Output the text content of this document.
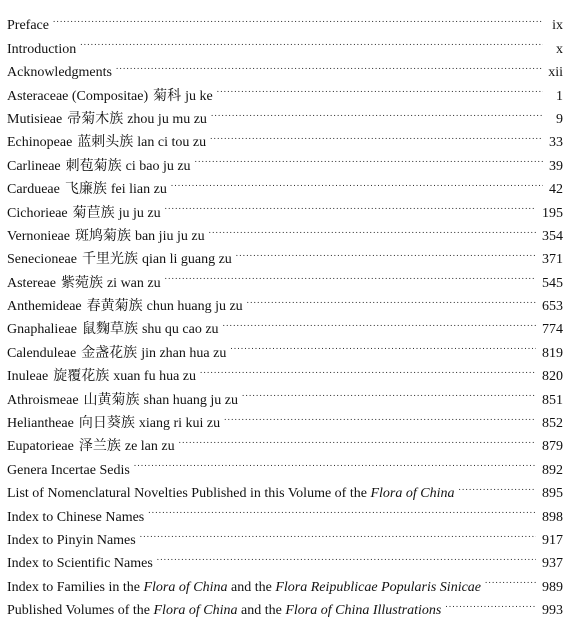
Preface . . .	ix
Introduction . . .	x
Acknowledgments . . .	xii
Asteraceae (Compositae) 菊科 ju ke . . .	1
Mutisieae 帚菊木族 zhou ju mu zu . . .	9
Echinopeae 蓝刺头族 lan ci tou zu . . .	33
Carlineae 刺苞菊族 ci bao ju zu . . .	39
Cardueae 飞廉族 fei lian zu . . .	42
Cichorieae 菊苣族 ju ju zu . . .	195
Vernonieae 斑鸠菊族 ban jiu ju zu . . .	354
Senecioneae 千里光族 qian li guang zu . . .	371
Astereae 紫菀族 zi wan zu . . .	545
Anthemideae 春黄菊族 chun huang ju zu . . .	653
Gnaphalieae 鼠麴草族 shu qu cao zu . . .	774
Calenduleae 金盏花族 jin zhan hua zu . . .	819
Inuleae 旋覆花族 xuan fu hua zu . . .	820
Athroismeae 山黄菊族 shan huang ju zu . . .	851
Heliantheae 向日葵族 xiang ri kui zu . . .	852
Eupatorieae 泽兰族 ze lan zu . . .	879
Genera Incertae Sedis . . .	892
List of Nomenclatural Novelties Published in this Volume of the Flora of China . . .	895
Index to Chinese Names . . .	898
Index to Pinyin Names . . .	917
Index to Scientific Names . . .	937
Index to Families in the Flora of China and the Flora Reipublicae Popularis Sinicae . . .	989
Published Volumes of the Flora of China and the Flora of China Illustrations . . .	993
